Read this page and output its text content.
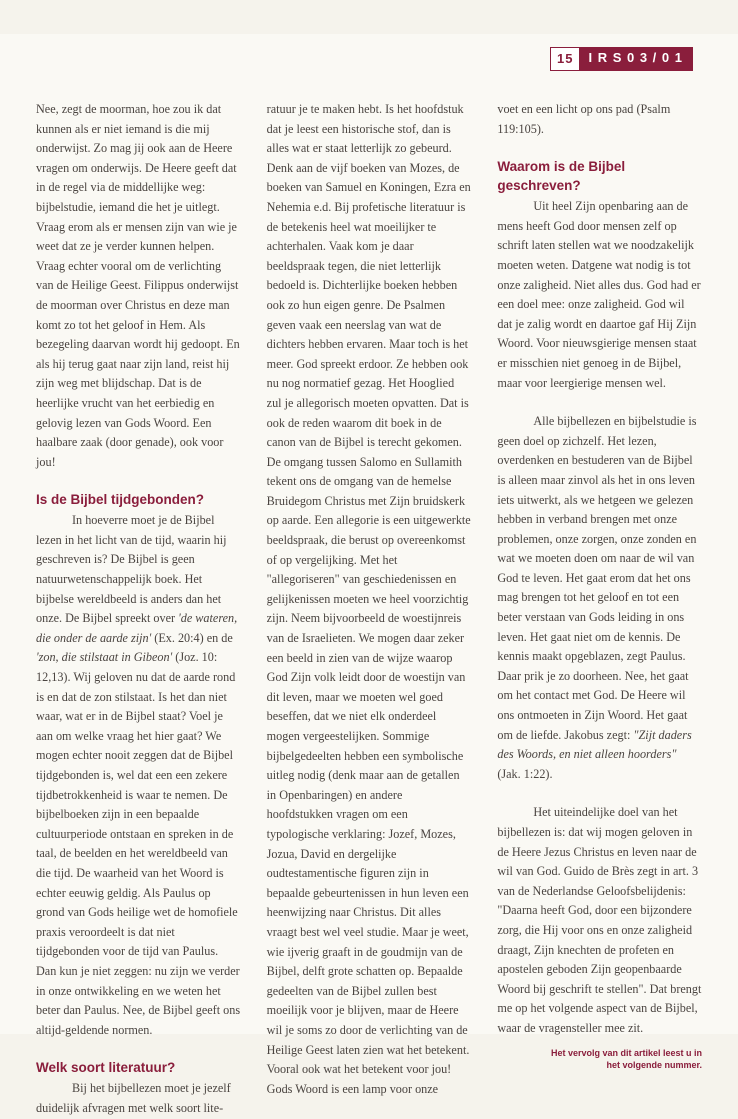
15	I R S 0 3 / 0 1

Nee, zegt de moorman, hoe zou ik dat kunnen als er niet iemand is die mij onderwijst. Zo mag jij ook aan de Heere vragen om onderwijs. De Heere geeft dat in de regel via de middellijke weg: bijbelstudie, iemand die het je uitlegt. Vraag erom als er mensen zijn van wie je weet dat ze je verder kunnen helpen. Vraag echter vooral om de verlichting van de Heilige Geest. Filippus onderwijst de moorman over Christus en deze man komt zo tot het geloof in Hem. Als bezegeling daarvan wordt hij gedoopt. En als hij terug gaat naar zijn land, reist hij zijn weg met blijdschap. Dat is de heerlijke vrucht van het eerbiedig en gelovig lezen van Gods Woord. Een haalbare zaak (door genade), ook voor jou!

Is de Bijbel tijdgebonden?

In hoeverre moet je de Bijbel lezen in het licht van de tijd, waarin hij geschreven is? De Bijbel is geen natuurwetenschappelijk boek. Het bijbelse wereldbeeld is anders dan het onze. De Bijbel spreekt over 'de wateren, die onder de aarde zijn' (Ex. 20:4) en de 'zon, die stilstaat in Gibeon' (Joz. 10: 12,13). Wij geloven nu dat de aarde rond is en dat de zon stilstaat. Is het dan niet waar, wat er in de Bijbel staat? Voel je aan om welke vraag het hier gaat? We mogen echter nooit zeggen dat de Bijbel tijdgebonden is, wel dat een een zekere tijdbetrokkenheid is waar te nemen. De bijbelboeken zijn in een bepaalde cultuurperiode ontstaan en spreken in de taal, de beelden en het wereldbeeld van die tijd. De waarheid van het Woord is echter eeuwig geldig. Als Paulus op grond van Gods heilige wet de homofiele praxis veroordeelt is dat niet tijdgebonden voor de tijd van Paulus. Dan kun je niet zeggen: nu zijn we verder in onze ontwikkeling en we weten het beter dan Paulus. Nee, de Bijbel geeft ons altijd-geldende normen.

Welk soort literatuur?

Bij het bijbellezen moet je jezelf duidelijk afvragen met welk soort lite-

ratuur je te maken hebt. Is het hoofdstuk dat je leest een historische stof, dan is alles wat er staat letterlijk zo gebeurd. Denk aan de vijf boeken van Mozes, de boeken van Samuel en Koningen, Ezra en Nehemia e.d. Bij profetische literatuur is de betekenis heel wat moeilijker te achterhalen. Vaak kom je daar beeldspraak tegen, die niet letterlijk bedoeld is. Dichterlijke boeken hebben ook zo hun eigen genre. De Psalmen geven vaak een neerslag van wat de dichters hebben ervaren. Maar toch is het meer. God spreekt erdoor. Ze hebben ook nu nog normatief gezag. Het Hooglied zul je allegorisch moeten opvatten. Dat is ook de reden waarom dit boek in de canon van de Bijbel is terecht gekomen. De omgang tussen Salomo en Sullamith tekent ons de omgang van de hemelse Bruidegom Christus met Zijn bruidskerk op aarde. Een allegorie is een uitgewerkte beeldspraak, die berust op overeenkomst of op vergelijking. Met het "allegoriseren" van geschiedenissen en gelijkenissen moeten we heel voorzichtig zijn. Neem bijvoorbeeld de woestijnreis van de Israelieten. We mogen daar zeker een beeld in zien van de wijze waarop God Zijn volk leidt door de woestijn van dit leven, maar we moeten wel goed beseffen, dat we niet elk onderdeel mogen vergeestelijken. Sommige bijbelgedeelten hebben een symbolische uitleg nodig (denk maar aan de getallen in Openbaringen) en andere hoofdstukken vragen om een typologische verklaring: Jozef, Mozes, Jozua, David en dergelijke oudtestamentische figuren zijn in bepaalde gebeurtenissen in hun leven een heenwijzing naar Christus. Dit alles vraagt best wel veel studie. Maar je weet, wie ijverig graaft in de goudmijn van de Bijbel, delft grote schatten op. Bepaalde gedeelten van de Bijbel zullen best moeilijk voor je blijven, maar de Heere wil je soms zo door de verlichting van de Heilige Geest laten zien wat het betekent. Vooral ook wat het betekent voor jou! Gods Woord is een lamp voor onze

voet en een licht op ons pad (Psalm 119:105).

Waarom is de Bijbel geschreven?

Uit heel Zijn openbaring aan de mens heeft God door mensen zelf op schrift laten stellen wat we noodzakelijk moeten weten. Datgene wat nodig is tot onze zaligheid. Niet alles dus. God had er een doel mee: onze zaligheid. God wil dat je zalig wordt en daartoe gaf Hij Zijn Woord. Voor nieuwsgierige mensen staat er misschien niet genoeg in de Bijbel, maar voor leergierige mensen wel.

Alle bijbellezen en bijbelstudie is geen doel op zichzelf. Het lezen, overdenken en bestuderen van de Bijbel is alleen maar zinvol als het in ons leven iets uitwerkt, als we hetgeen we gelezen hebben in verband brengen met onze problemen, onze zorgen, onze zonden en wat we moeten doen om naar de wil van God te leven. Het gaat erom dat het ons mag brengen tot het geloof en tot een beter verstaan van Gods leiding in ons leven. Het gaat niet om de kennis. De kennis maakt opgeblazen, zegt Paulus. Daar prik je zo doorheen. Nee, het gaat om het contact met God. De Heere wil ons ontmoeten in Zijn Woord. Het gaat om de liefde. Jakobus zegt: "Zijt daders des Woords, en niet alleen hoorders" (Jak. 1:22).

Het uiteindelijke doel van het bijbellezen is: dat wij mogen geloven in de Heere Jezus Christus en leven naar de wil van God. Guido de Brès zegt in art. 3 van de Nederlandse Geloofsbelijdenis: "Daarna heeft God, door een bijzondere zorg, die Hij voor ons en onze zaligheid draagt, Zijn knechten de profeten en apostelen geboden Zijn geopenbaarde Woord bij geschrift te stellen". Dat brengt me op het volgende aspect van de Bijbel, waar de vragensteller mee zit.

Het vervolg van dit artikel leest u in
het volgende nummer.
